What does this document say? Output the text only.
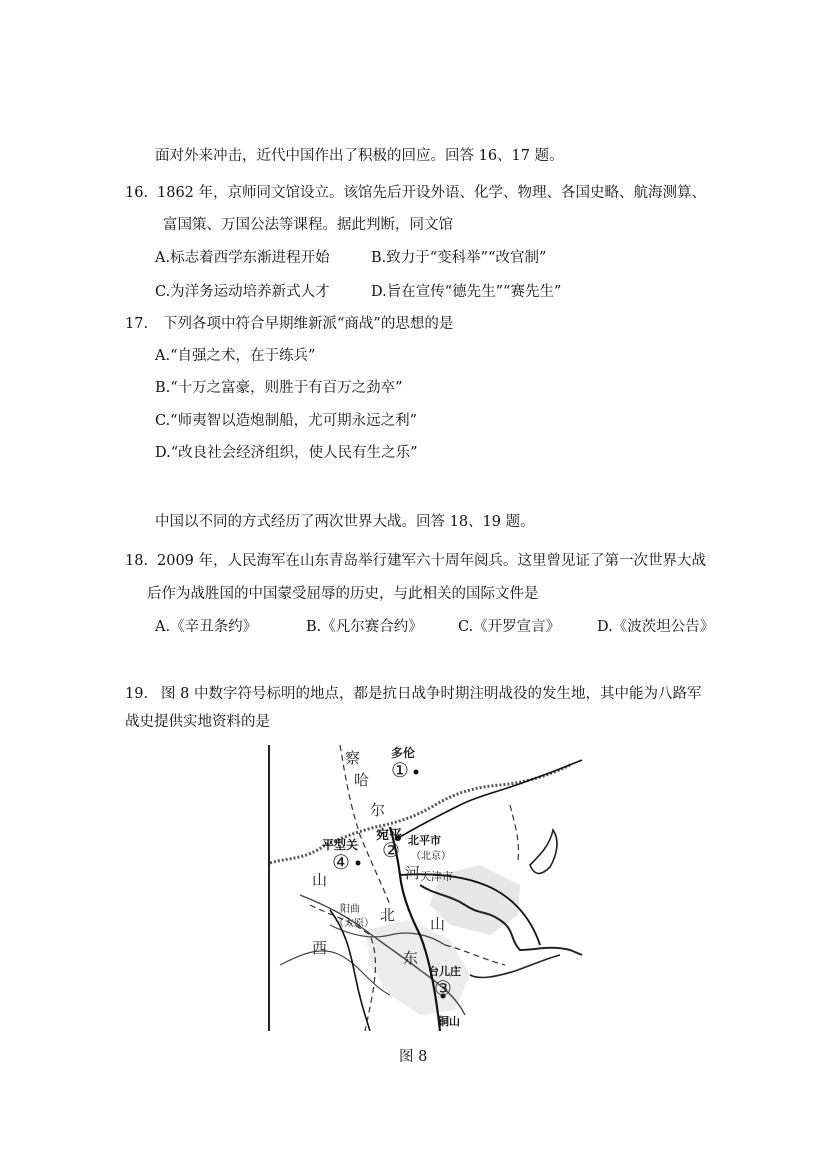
面对外来冲击，近代中国作出了积极的回应。回答 16、17 题。
16. 1862 年，京师同文馆设立。该馆先后开设外语、化学、物理、各国史略、航海测算、
富国策、万国公法等课程。据此判断，同文馆
A.标志着西学东渐进程开始	B.致力于“变科举”“改官制”
C.为洋务运动培养新式人才	D.旨在宣传“德先生”“赛先生”
17. 下列各项中符合早期维新派“商战”的思想的是
A.“自强之术，在于练兵”
B.“十万之富豪，则胜于有百万之劲卒”
C.“师夷智以造炮制船，尤可期永远之利”
D.“改良社会经济组织，使人民有生之乐”
中国以不同的方式经历了两次世界大战。回答 18、19 题。
18. 2009 年，人民海军在山东青岛举行建军六十周年阅兵。这里曾见证了第一次世界大战
后作为战胜国的中国蒙受屈辱的历史，与此相关的国际文件是
A.《辛丑条约》	B.《凡尔赛合约》 C.《开罗宣言》	D.《波茨坦公告》
19. 图 8 中数字符号标明的地点，都是抗日战争时期注明战役的发生地，其中能为八路军
战史提供实地资料的是
①
②
③
④
察
哈
尔
多伦
宛平 北平市
（北京）
平型关
天津市
山	河
北 山
西
东
阳曲
（太原）
台儿庄
铜山
图 8
